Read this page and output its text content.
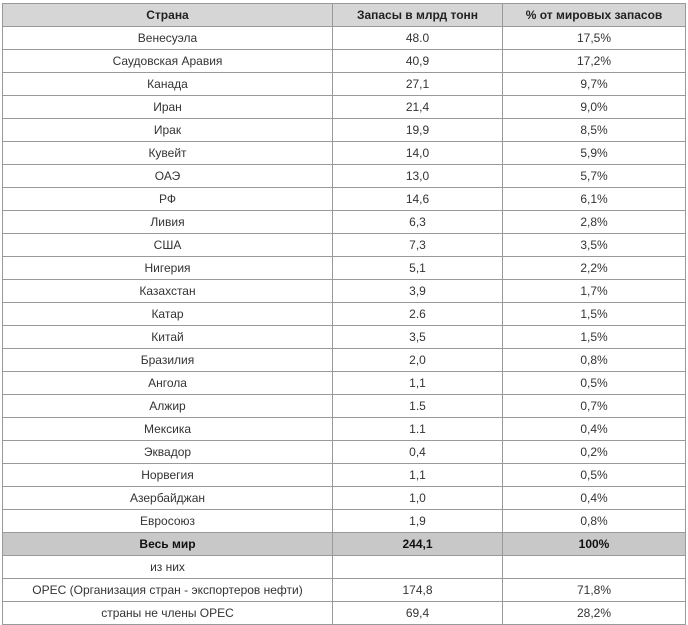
Страна	Запасы в млрд тонн	% от мировых запасов
Венесуэла	48.0	17,5%
Саудовская Аравия	40,9	17,2%
Канада	27,1	9,7%
Иран	21,4	9,0%
Ирак	19,9	8,5%
Кувейт	14,0	5,9%
ОАЭ	13,0	5,7%
РФ	14,6	6,1%
Ливия	6,3	2,8%
США	7,3	3,5%
Нигерия	5,1	2,2%
Казахстан	3,9	1,7%
Катар	2.6	1,5%
Китай	3,5	1,5%
Бразилия	2,0	0,8%
Ангола	1,1	0,5%
Алжир	1.5	0,7%
Мексика	1.1	0,4%
Эквадор	0,4	0,2%
Норвегия	1,1	0,5%
Азербайджан	1,0	0,4%
Евросоюз	1,9	0,8%
Весь мир	244,1	100%
из них		
OPEC (Организация стран - экспортеров нефти)	174,8	71,8%
страны не члены OPEC	69,4	28,2%
